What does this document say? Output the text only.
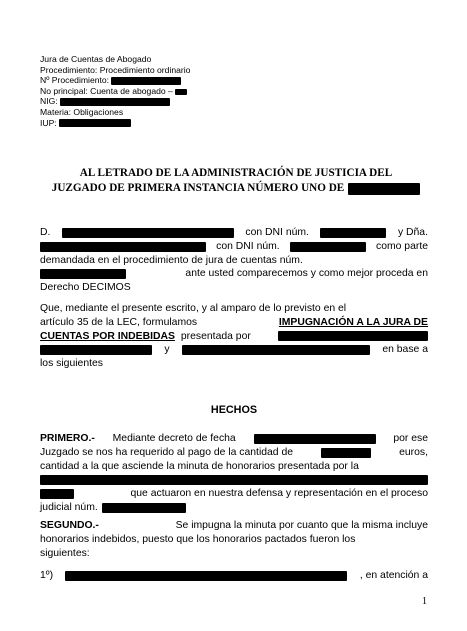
Jura de Cuentas de Abogado
Procedimiento: Procedimiento ordinario
Nº Procedimiento:
No principal: Cuenta de abogado –
NIG:
Materia: Obligaciones
IUP:
AL LETRADO DE LA ADMINISTRACIÓN DE JUSTICIA DEL
JUZGADO DE PRIMERA INSTANCIA NÚMERO UNO DE
D.	con DNI núm.	y Dña.
con DNI núm.	como parte
demandada en el procedimiento de jura de cuentas núm.
ante usted comparecemos y como mejor proceda en
Derecho DECIMOS
Que, mediante el presente escrito, y al amparo de lo previsto en el
artículo 35 de la LEC, formulamos	IMPUGNACIÓN A LA JURA DE
CUENTAS POR INDEBIDAS presentada por
y	en base a
los siguientes
HECHOS
PRIMERO.- Mediante decreto de fecha	por ese
Juzgado se nos ha requerido al pago de la cantidad de	euros,
cantidad a la que asciende la minuta de honorarios presentada por la
que actuaron en nuestra defensa y representación en el proceso
judicial núm.
SEGUNDO.-	Se impugna la minuta por cuanto que la misma incluye
honorarios indebidos, puesto que los honorarios pactados fueron los
siguientes:
1º)	, en atención a
1
